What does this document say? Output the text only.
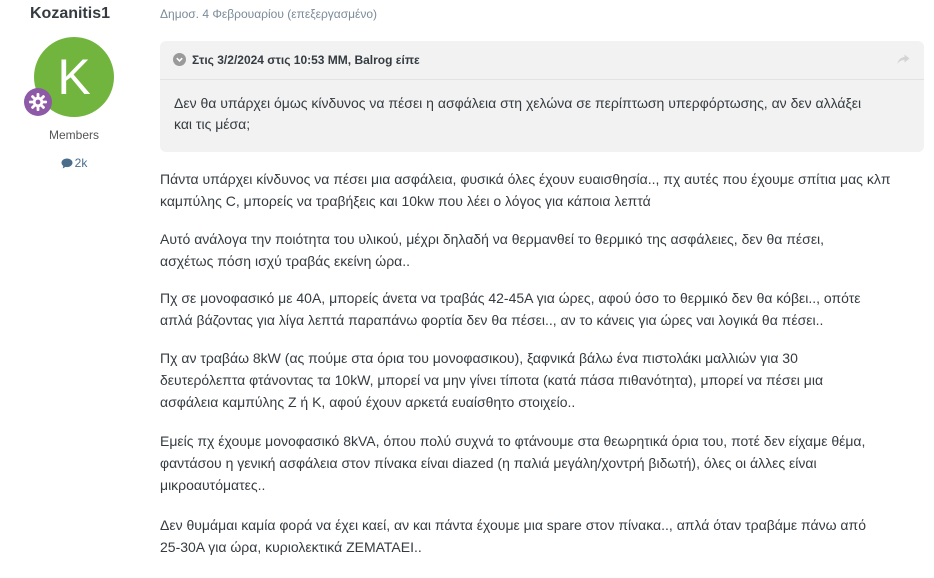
Kozanitis1
K
Members
2k
Δημοσ. 4 Φεβρουαρίου (επεξεργασμένο)
Στις 3/2/2024 στις 10:53 ΜΜ, Balrog είπε
Δεν θα υπάρχει όμως κίνδυνος να πέσει η ασφάλεια στη χελώνα σε περίπτωση υπερφόρτωσης, αν δεν αλλάξει
και τις μέσα;
Πάντα υπάρχει κίνδυνος να πέσει μια ασφάλεια, φυσικά όλες έχουν ευαισθησία.., πχ αυτές που έχουμε σπίτια μας κλπ
καμπύλης C, μπορείς να τραβήξεις και 10kw που λέει ο λόγος για κάποια λεπτά
Αυτό ανάλογα την ποιότητα του υλικού, μέχρι δηλαδή να θερμανθεί το θερμικό της ασφάλειες, δεν θα πέσει,
ασχέτως πόση ισχύ τραβάς εκείνη ώρα..
Πχ σε μονοφασικό με 40Α, μπορείς άνετα να τραβάς 42-45Α για ώρες, αφού όσο το θερμικό δεν θα κόβει.., οπότε
απλά βάζοντας για λίγα λεπτά παραπάνω φορτία δεν θα πέσει.., αν το κάνεις για ώρες ναι λογικά θα πέσει..
Πχ αν τραβάω 8kW (ας πούμε στα όρια του μονοφασικου), ξαφνικά βάλω ένα πιστολάκι μαλλιών για 30
δευτερόλεπτα φτάνοντας τα 10kW, μπορεί να μην γίνει τίποτα (κατά πάσα πιθανότητα), μπορεί να πέσει μια
ασφάλεια καμπύλης Ζ ή Κ, αφού έχουν αρκετά ευαίσθητο στοιχείο..
Εμείς πχ έχουμε μονοφασικό 8kVA, όπου πολύ συχνά το φτάνουμε στα θεωρητικά όρια του, ποτέ δεν είχαμε θέμα,
φαντάσου η γενική ασφάλεια στον πίνακα είναι diazed (η παλιά μεγάλη/χοντρή βιδωτή), όλες οι άλλες είναι
μικροαυτόματες..
Δεν θυμάμαι καμία φορά να έχει καεί, αν και πάντα έχουμε μια spare στον πίνακα.., απλά όταν τραβάμε πάνω από
25-30Α για ώρα, κυριολεκτικά ΖΕΜΑΤΑΕΙ..
